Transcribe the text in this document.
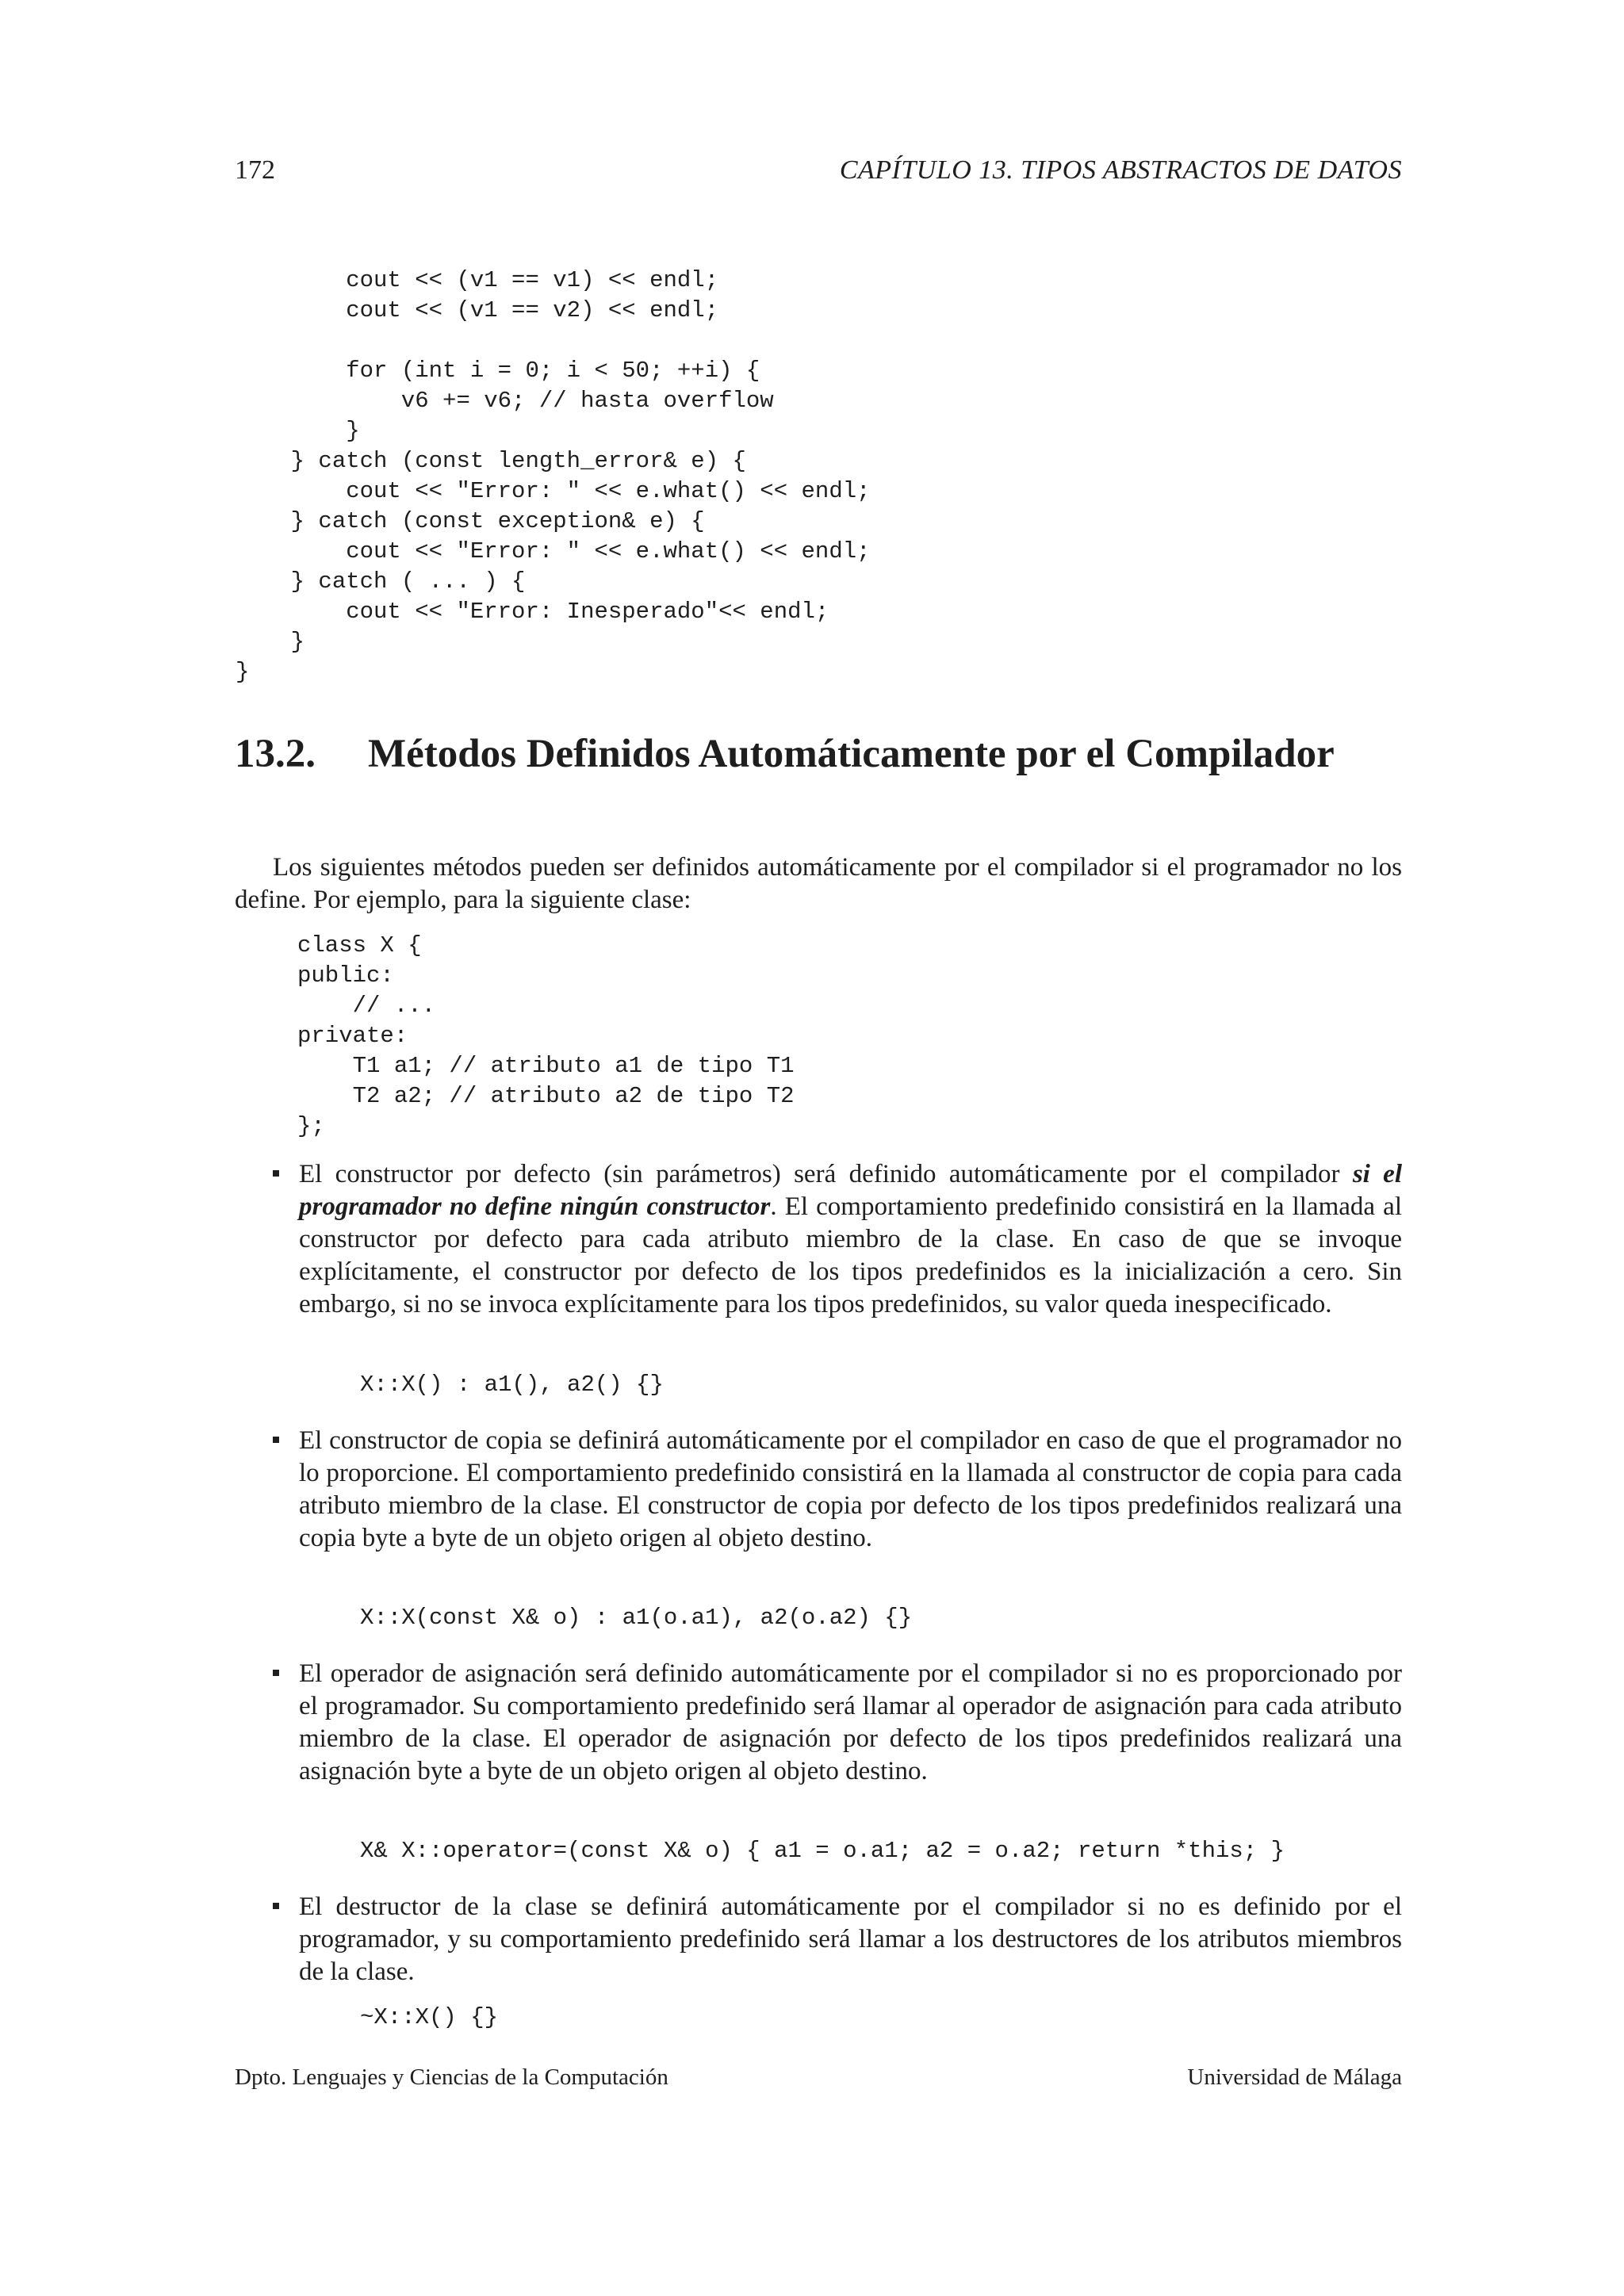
172	CAPÍTULO 13. TIPOS ABSTRACTOS DE DATOS
cout << (v1 == v1) << endl;
cout << (v1 == v2) << endl;

for (int i = 0; i < 50; ++i) {
v6 += v6; // hasta overflow
}
} catch (const length_error& e) {
cout << "Error: " << e.what() << endl;
} catch (const exception& e) {
cout << "Error: " << e.what() << endl;
} catch ( ... ) {
cout << "Error: Inesperado"<< endl;
}
}
13.2. Métodos Definidos Automáticamente por el Compilador
Los siguientes métodos pueden ser definidos automáticamente por el compilador si el programador no los define. Por ejemplo, para la siguiente clase:
class X {
public:
// ...
private:
T1 a1; // atributo a1 de tipo T1
T2 a2; // atributo a2 de tipo T2
};
El constructor por defecto (sin parámetros) será definido automáticamente por el compilador si el programador no define ningún constructor. El comportamiento predefinido consistirá en la llamada al constructor por defecto para cada atributo miembro de la clase. En caso de que se invoque explícitamente, el constructor por defecto de los tipos predefinidos es la inicialización a cero. Sin embargo, si no se invoca explícitamente para los tipos predefinidos, su valor queda inespecificado.
X::X() : a1(), a2() {}
El constructor de copia se definirá automáticamente por el compilador en caso de que el programador no lo proporcione. El comportamiento predefinido consistirá en la llamada al constructor de copia para cada atributo miembro de la clase. El constructor de copia por defecto de los tipos predefinidos realizará una copia byte a byte de un objeto origen al objeto destino.
X::X(const X& o) : a1(o.a1), a2(o.a2) {}
El operador de asignación será definido automáticamente por el compilador si no es proporcionado por el programador. Su comportamiento predefinido será llamar al operador de asignación para cada atributo miembro de la clase. El operador de asignación por defecto de los tipos predefinidos realizará una asignación byte a byte de un objeto origen al objeto destino.
X& X::operator=(const X& o) { a1 = o.a1; a2 = o.a2; return *this; }
El destructor de la clase se definirá automáticamente por el compilador si no es definido por el programador, y su comportamiento predefinido será llamar a los destructores de los atributos miembros de la clase.
~X::X() {}
Dpto. Lenguajes y Ciencias de la Computación	Universidad de Málaga
